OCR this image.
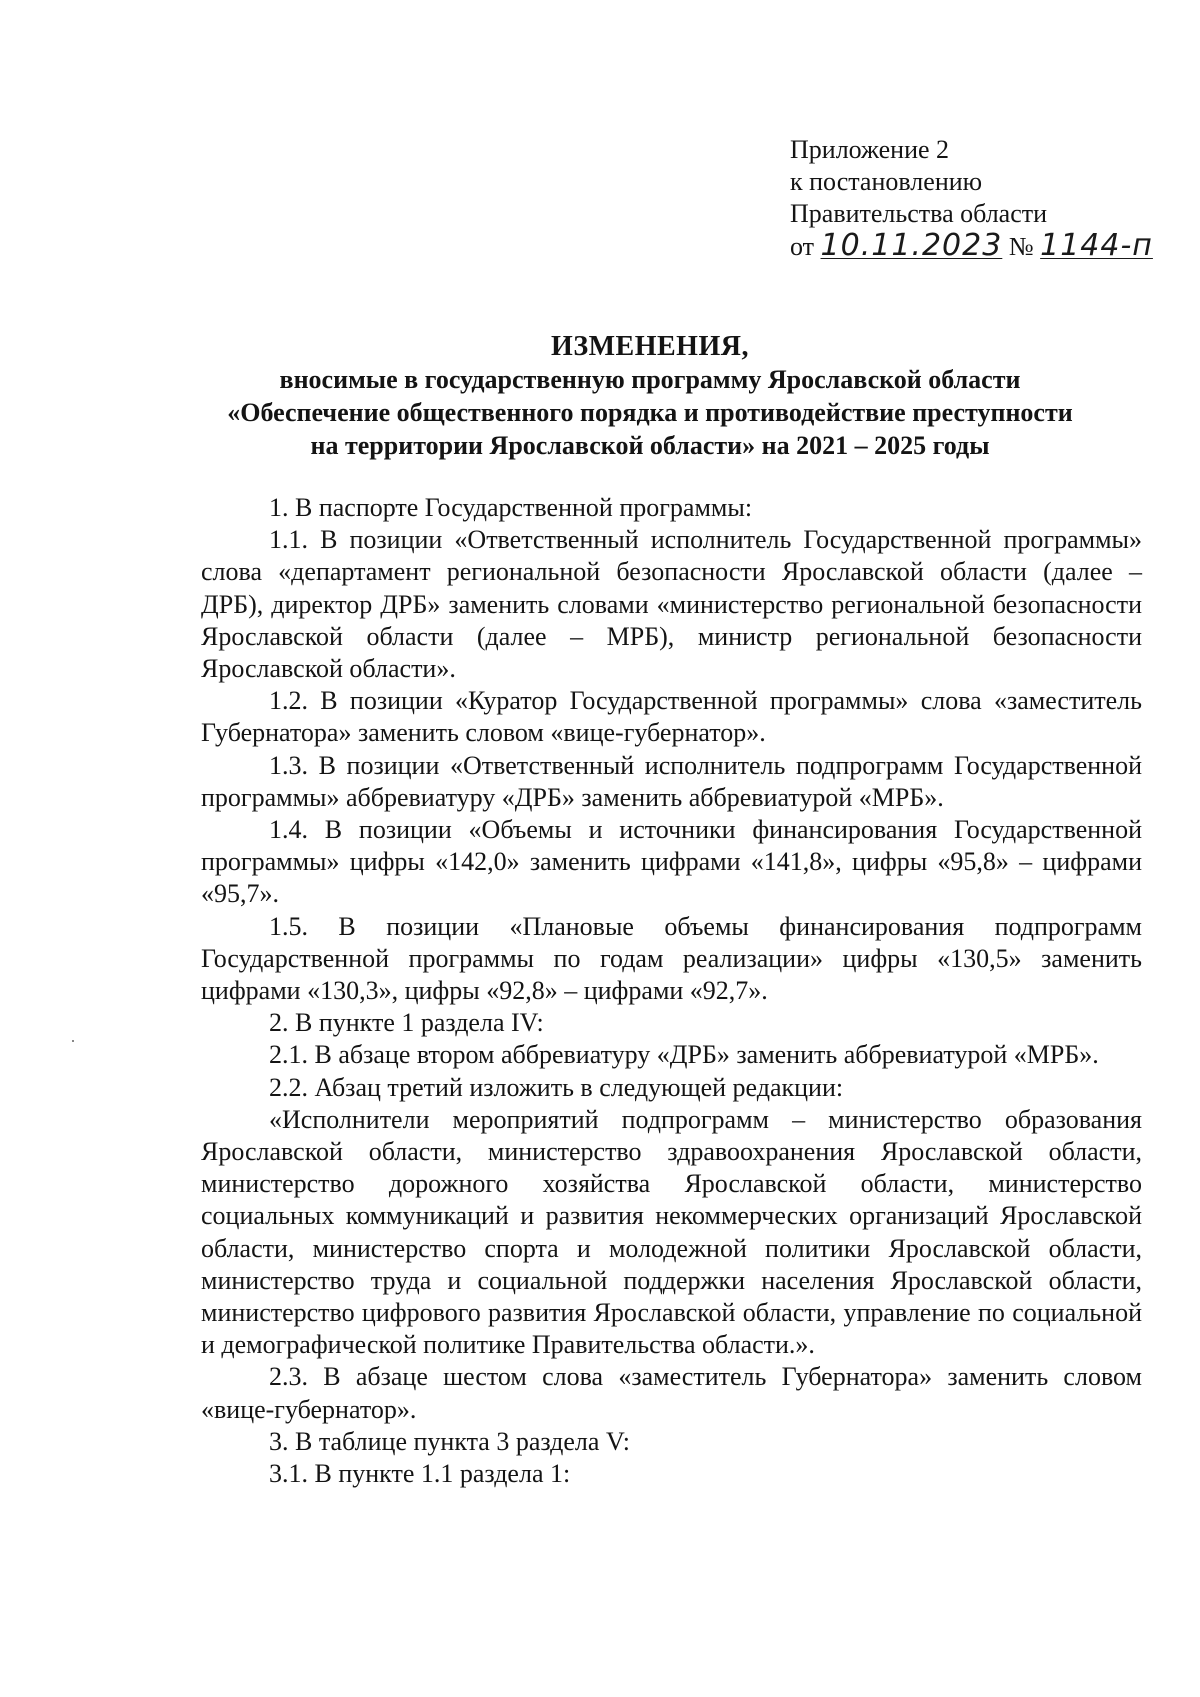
Приложение 2
к постановлению
Правительства области
от 10.11.2023 № 1144-п
ИЗМЕНЕНИЯ,
вносимые в государственную программу Ярославской области
«Обеспечение общественного порядка и противодействие преступности
на территории Ярославской области» на 2021 – 2025 годы

1. В паспорте Государственной программы:

1.1. В позиции «Ответственный исполнитель Государственной программы» слова «департамент региональной безопасности Ярославской области (далее – ДРБ), директор ДРБ» заменить словами «министерство региональной безопасности Ярославской области (далее – МРБ), министр региональной безопасности Ярославской области».

1.2. В позиции «Куратор Государственной программы» слова «заместитель Губернатора» заменить словом «вице-губернатор».

1.3. В позиции «Ответственный исполнитель подпрограмм Государственной программы» аббревиатуру «ДРБ» заменить аббревиатурой «МРБ».

1.4. В позиции «Объемы и источники финансирования Государственной программы» цифры «142,0» заменить цифрами «141,8», цифры «95,8» – цифрами «95,7».

1.5. В позиции «Плановые объемы финансирования подпрограмм Государственной программы по годам реализации» цифры «130,5» заменить цифрами «130,3», цифры «92,8» – цифрами «92,7».

2. В пункте 1 раздела IV:

2.1. В абзаце втором аббревиатуру «ДРБ» заменить аббревиатурой «МРБ».

2.2. Абзац третий изложить в следующей редакции:

«Исполнители мероприятий подпрограмм – министерство образования Ярославской области, министерство здравоохранения Ярославской области, министерство дорожного хозяйства Ярославской области, министерство социальных коммуникаций и развития некоммерческих организаций Ярославской области, министерство спорта и молодежной политики Ярославской области, министерство труда и социальной поддержки населения Ярославской области, министерство цифрового развития Ярославской области, управление по социальной и демографической политике Правительства области.».

2.3. В абзаце шестом слова «заместитель Губернатора» заменить словом «вице-губернатор».

3. В таблице пункта 3 раздела V:

3.1. В пункте 1.1 раздела 1:
